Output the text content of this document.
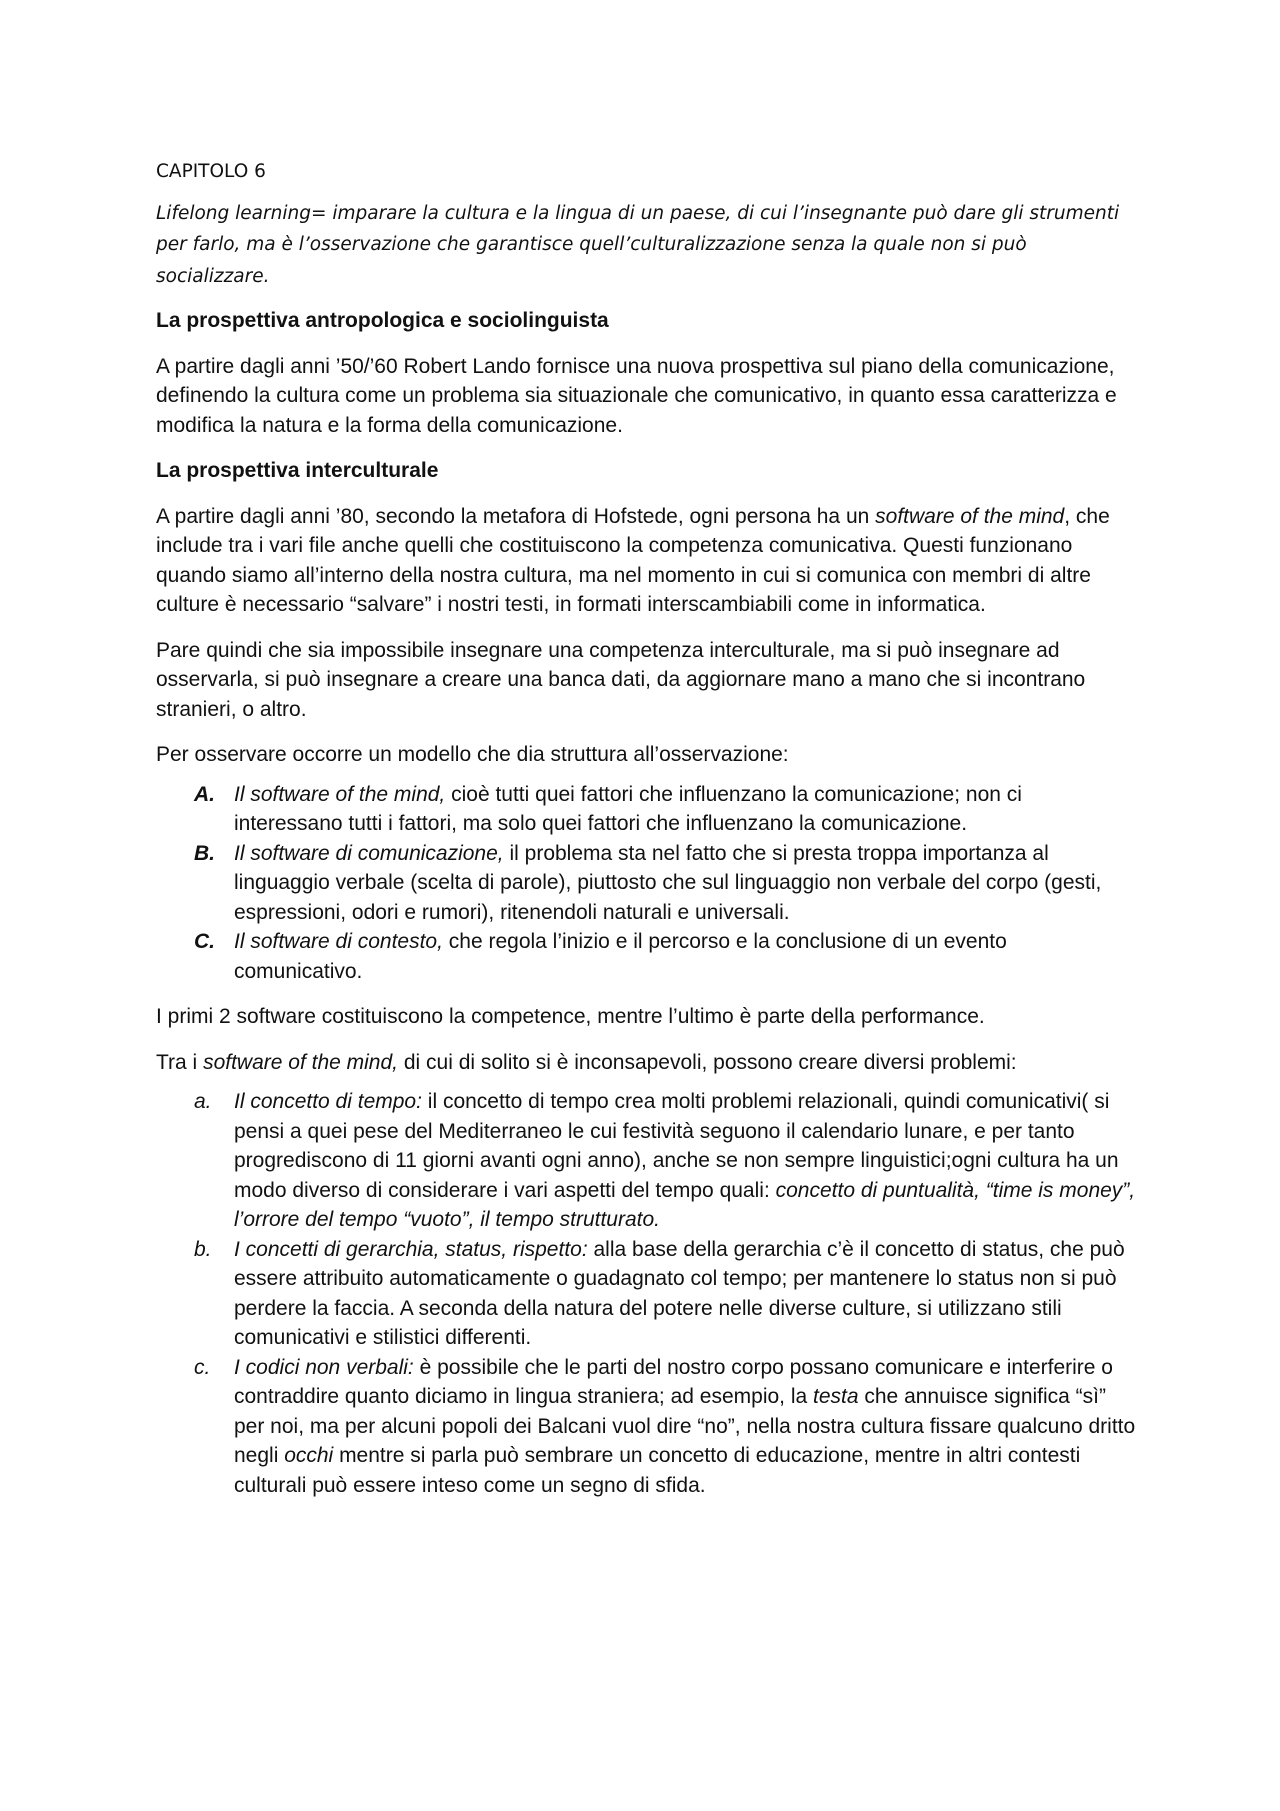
CAPITOLO 6
Lifelong learning= imparare la cultura e la lingua di un paese, di cui l’insegnante può dare gli strumenti per farlo, ma è l’osservazione che garantisce quell’culturalizzazione senza la quale non si può socializzare.
La prospettiva antropologica e sociolinguista

A partire dagli anni ’50/’60 Robert Lando fornisce una nuova prospettiva sul piano della comunicazione, definendo la cultura come un problema sia situazionale che comunicativo, in quanto essa caratterizza e modifica la natura e la forma della comunicazione.

La prospettiva interculturale

A partire dagli anni ’80, secondo la metafora di Hofstede, ogni persona ha un software of the mind, che include tra i vari file anche quelli che costituiscono la competenza comunicativa. Questi funzionano quando siamo all’interno della nostra cultura, ma nel momento in cui si comunica con membri di altre culture è necessario “salvare” i nostri testi, in formati interscambiabili come in informatica.

Pare quindi che sia impossibile insegnare una competenza interculturale, ma si può insegnare ad osservarla, si può insegnare a creare una banca dati, da aggiornare mano a mano che si incontrano stranieri, o altro.

Per osservare occorre un modello che dia struttura all’osservazione:

A. Il software of the mind, cioè tutti quei fattori che influenzano la comunicazione; non ci interessano tutti i fattori, ma solo quei fattori che influenzano la comunicazione.
B. Il software di comunicazione, il problema sta nel fatto che si presta troppa importanza al linguaggio verbale (scelta di parole), piuttosto che sul linguaggio non verbale del corpo (gesti, espressioni, odori e rumori), ritenendoli naturali e universali.
C. Il software di contesto, che regola l’inizio e il percorso e la conclusione di un evento comunicativo.

I primi 2 software costituiscono la competence, mentre l’ultimo è parte della performance.

Tra i software of the mind, di cui di solito si è inconsapevoli, possono creare diversi problemi:

a.	Il concetto di tempo: il concetto di tempo crea molti problemi relazionali, quindi comunicativi( si pensi a quei pese del Mediterraneo le cui festività seguono il calendario lunare, e per tanto progrediscono di 11 giorni avanti ogni anno), anche se non sempre linguistici;ogni cultura ha un modo diverso di considerare i vari aspetti del tempo quali: concetto di puntualità, “time is money”, l’orrore del tempo “vuoto”, il tempo strutturato.
b.	I concetti di gerarchia, status, rispetto: alla base della gerarchia c’è il concetto di status, che può essere attribuito automaticamente o guadagnato col tempo; per mantenere lo status non si può perdere la faccia. A seconda della natura del potere nelle diverse culture, si utilizzano stili comunicativi e stilistici differenti.
c.	I codici non verbali: è possibile che le parti del nostro corpo possano comunicare e interferire o contraddire quanto diciamo in lingua straniera; ad esempio, la testa che annuisce significa “sì” per noi, ma per alcuni popoli dei Balcani vuol dire “no”, nella nostra cultura fissare qualcuno dritto negli occhi mentre si parla può sembrare un concetto di educazione, mentre in altri contesti culturali può essere inteso come un segno di sfida.
